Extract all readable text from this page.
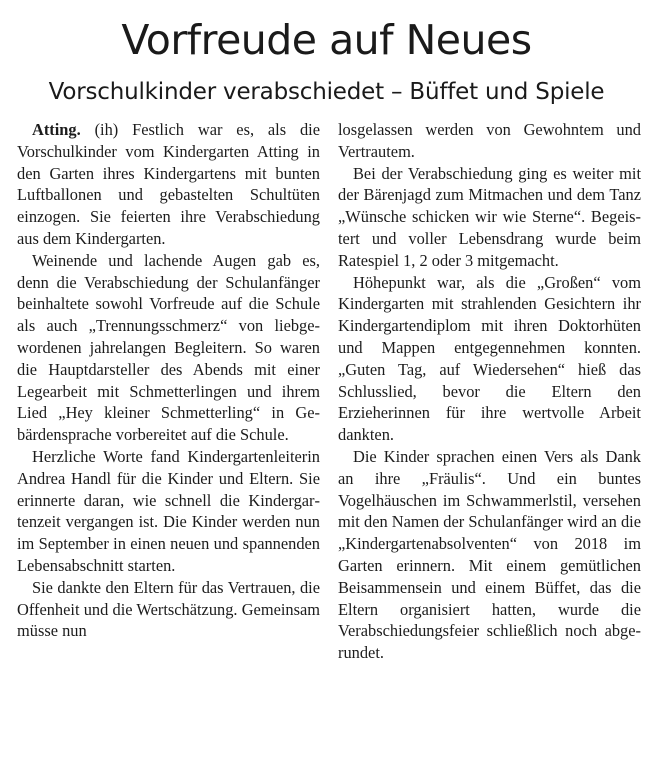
Vorfreude auf Neues
Vorschulkinder verabschiedet – Büffet und Spiele

Atting. (ih) Festlich war es, als die Vorschulkinder vom Kindergarten Atting in den Garten ihres Kindergartens mit bunten Luftballonen und gebastelten Schultüten einzogen. Sie feierten ihre Verabschiedung aus dem Kindergarten.

Weinende und lachende Augen gab es, denn die Verabschiedung der Schulanfänger beinhaltete sowohl Vorfreude auf die Schule als auch „Trennungsschmerz“ von liebgewordenen jahrelangen Begleitern. So waren die Hauptdarsteller des Abends mit einer Legearbeit mit Schmetterlingen und ihrem Lied „Hey kleiner Schmetterling“ in Gebärdensprache vorbereitet auf die Schule.

Herzliche Worte fand Kindergartenleiterin Andrea Handl für die Kinder und Eltern. Sie erinnerte daran, wie schnell die Kindergartenzeit vergangen ist. Die Kinder werden nun im September in einen neuen und spannenden Lebensabschnitt starten.

Sie dankte den Eltern für das Vertrauen, die Offenheit und die Wertschätzung. Gemeinsam müsse nun

losgelassen werden von Gewohntem und Vertrautem.

Bei der Verabschiedung ging es weiter mit der Bärenjagd zum Mitmachen und dem Tanz „Wünsche schicken wir wie Sterne“. Begeistert und voller Lebensdrang wurde beim Ratespiel 1, 2 oder 3 mitgemacht.

Höhepunkt war, als die „Großen“ vom Kindergarten mit strahlenden Gesichtern ihr Kindergartendiplom mit ihren Doktorhüten und Mappen entgegennehmen konnten. „Guten Tag, auf Wiedersehen“ hieß das Schlusslied, bevor die Eltern den Erzieherinnen für ihre wertvolle Arbeit dankten.

Die Kinder sprachen einen Vers als Dank an ihre „Fräulis“. Und ein buntes Vogelhäuschen im Schwammerlstil, versehen mit den Namen der Schulanfänger wird an die „Kindergartenabsolventen“ von 2018 im Garten erinnern. Mit einem gemütlichen Beisammensein und einem Büffet, das die Eltern organisiert hatten, wurde die Verabschiedungsfeier schließlich noch abgerundet.
